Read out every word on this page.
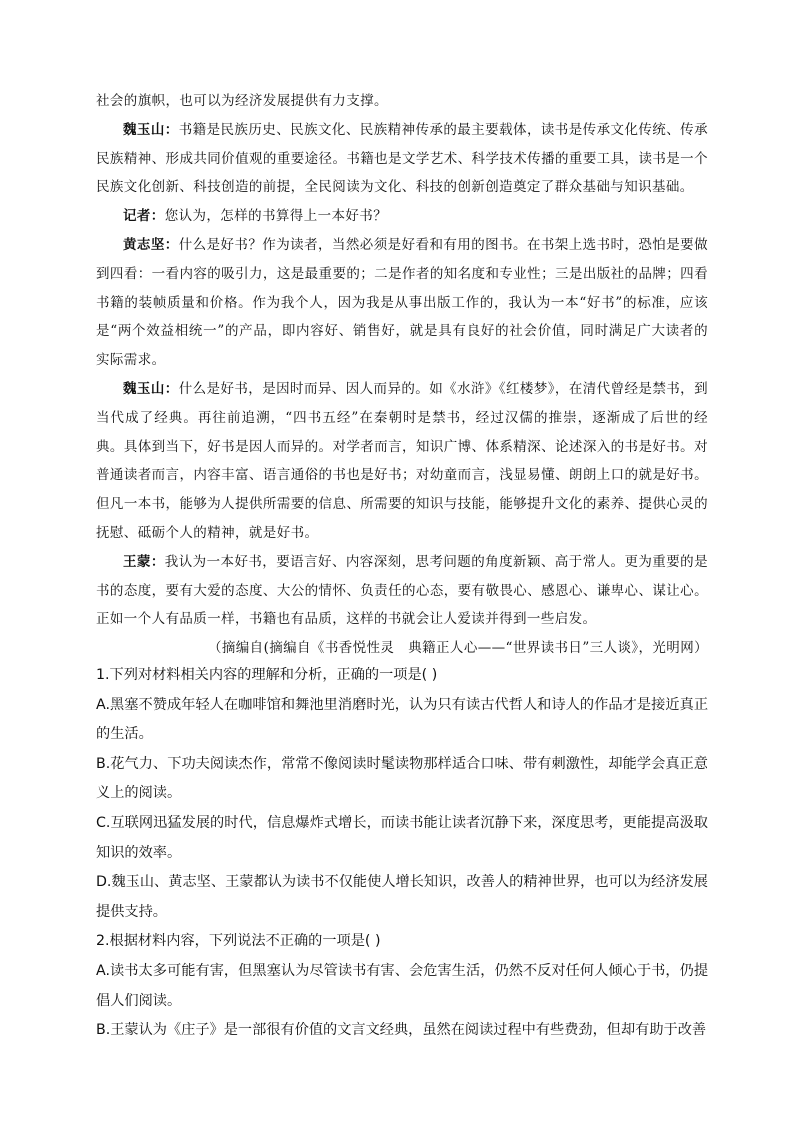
社会的旗帜，也可以为经济发展提供有力支撑。

魏玉山：书籍是民族历史、民族文化、民族精神传承的最主要载体，读书是传承文化传统、传承民族精神、形成共同价值观的重要途径。书籍也是文学艺术、科学技术传播的重要工具，读书是一个民族文化创新、科技创造的前提，全民阅读为文化、科技的创新创造奠定了群众基础与知识基础。

记者：您认为，怎样的书算得上一本好书？

黄志坚：什么是好书？作为读者，当然必须是好看和有用的图书。在书架上选书时，恐怕是要做到四看：一看内容的吸引力，这是最重要的；二是作者的知名度和专业性；三是出版社的品牌；四看书籍的装帧质量和价格。作为我个人，因为我是从事出版工作的，我认为一本“好书”的标准，应该是“两个效益相统一”的产品，即内容好、销售好，就是具有良好的社会价值，同时满足广大读者的实际需求。

魏玉山：什么是好书，是因时而异、因人而异的。如《水浒》《红楼梦》，在清代曾经是禁书，到当代成了经典。再往前追溯，“四书五经”在秦朝时是禁书，经过汉儒的推崇，逐渐成了后世的经典。具体到当下，好书是因人而异的。对学者而言，知识广博、体系精深、论述深入的书是好书。对普通读者而言，内容丰富、语言通俗的书也是好书；对幼童而言，浅显易懂、朗朗上口的就是好书。但凡一本书，能够为人提供所需要的信息、所需要的知识与技能，能够提升文化的素养、提供心灵的抚慰、砥砺个人的精神，就是好书。

王蒙：我认为一本好书，要语言好、内容深刻，思考问题的角度新颖、高于常人。更为重要的是书的态度，要有大爱的态度、大公的情怀、负责任的心态，要有敬畏心、感恩心、谦卑心、谋让心。正如一个人有品质一样，书籍也有品质，这样的书就会让人爱读并得到一些启发。

（摘编自(摘编自《书香悦性灵　典籍正人心——“世界读书日”三人谈》，光明网）

1.下列对材料相关内容的理解和分析，正确的一项是( )

A.黑塞不赞成年轻人在咖啡馆和舞池里消磨时光，认为只有读古代哲人和诗人的作品才是接近真正的生活。

B.花气力、下功夫阅读杰作，常常不像阅读时髦读物那样适合口味、带有刺激性，却能学会真正意义上的阅读。

C.互联网迅猛发展的时代，信息爆炸式增长，而读书能让读者沉静下来，深度思考，更能提高汲取知识的效率。

D.魏玉山、黄志坚、王蒙都认为读书不仅能使人增长知识，改善人的精神世界，也可以为经济发展提供支持。

2.根据材料内容，下列说法不正确的一项是( )

A.读书太多可能有害，但黑塞认为尽管读书有害、会危害生活，仍然不反对任何人倾心于书，仍提倡人们阅读。

B.王蒙认为《庄子》是一部很有价值的文言文经典，虽然在阅读过程中有些费劲，但却有助于改善
